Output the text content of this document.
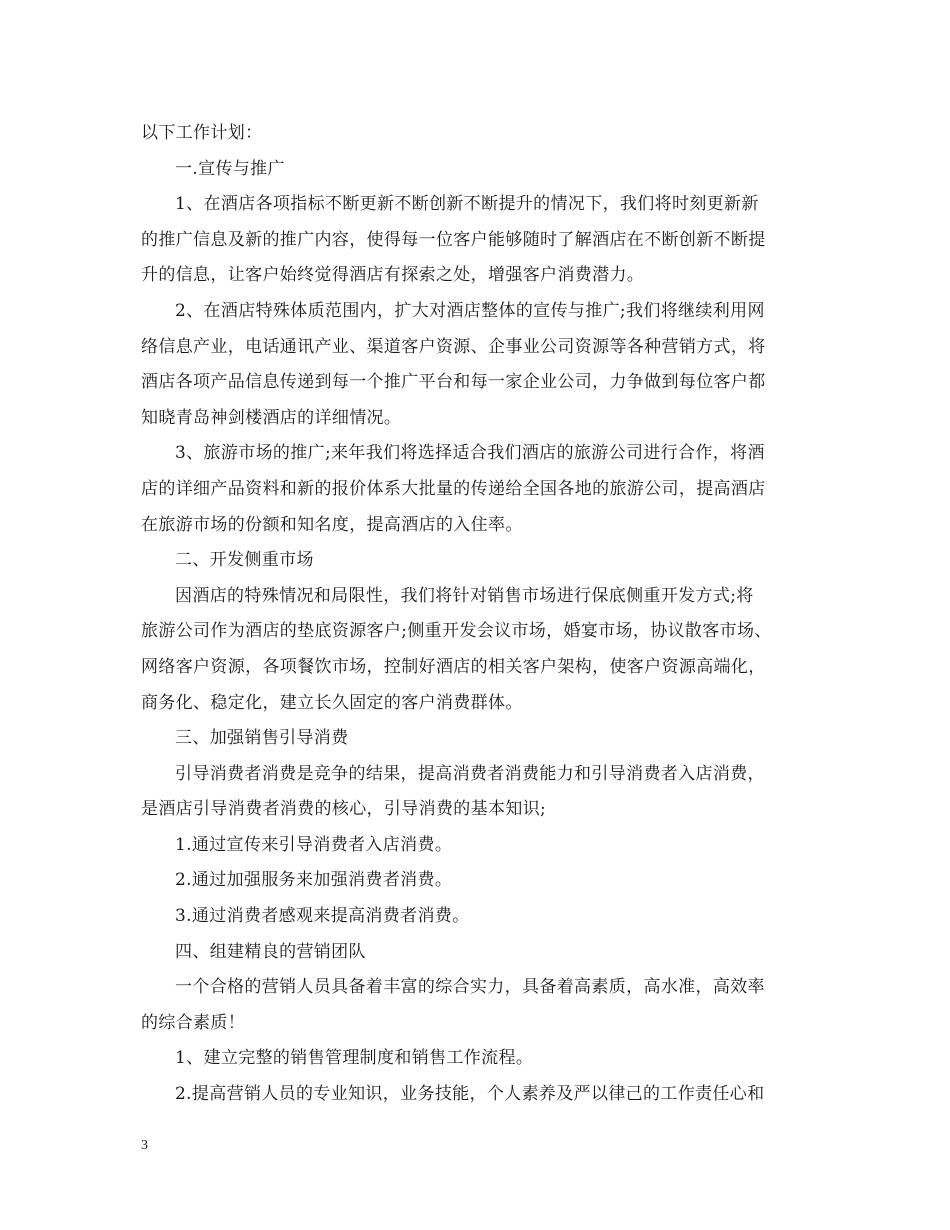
以下工作计划：
一.宣传与推广
1、在酒店各项指标不断更新不断创新不断提升的情况下，我们将时刻更新新
的推广信息及新的推广内容，使得每一位客户能够随时了解酒店在不断创新不断提
升的信息，让客户始终觉得酒店有探索之处，增强客户消费潜力。
2、在酒店特殊体质范围内，扩大对酒店整体的宣传与推广;我们将继续利用网
络信息产业，电话通讯产业、渠道客户资源、企事业公司资源等各种营销方式，将
酒店各项产品信息传递到每一个推广平台和每一家企业公司，力争做到每位客户都
知晓青岛神剑楼酒店的详细情况。
3、旅游市场的推广;来年我们将选择适合我们酒店的旅游公司进行合作，将酒
店的详细产品资料和新的报价体系大批量的传递给全国各地的旅游公司，提高酒店
在旅游市场的份额和知名度，提高酒店的入住率。
二、开发侧重市场
因酒店的特殊情况和局限性，我们将针对销售市场进行保底侧重开发方式;将
旅游公司作为酒店的垫底资源客户;侧重开发会议市场，婚宴市场，协议散客市场、
网络客户资源，各项餐饮市场，控制好酒店的相关客户架构，使客户资源高端化，
商务化、稳定化，建立长久固定的客户消费群体。
三、加强销售引导消费
引导消费者消费是竞争的结果，提高消费者消费能力和引导消费者入店消费，
是酒店引导消费者消费的核心，引导消费的基本知识;
1.通过宣传来引导消费者入店消费。
2.通过加强服务来加强消费者消费。
3.通过消费者感观来提高消费者消费。
四、组建精良的营销团队
一个合格的营销人员具备着丰富的综合实力，具备着高素质，高水准，高效率
的综合素质！
1、建立完整的销售管理制度和销售工作流程。
2.提高营销人员的专业知识，业务技能，个人素养及严以律己的工作责任心和
3
